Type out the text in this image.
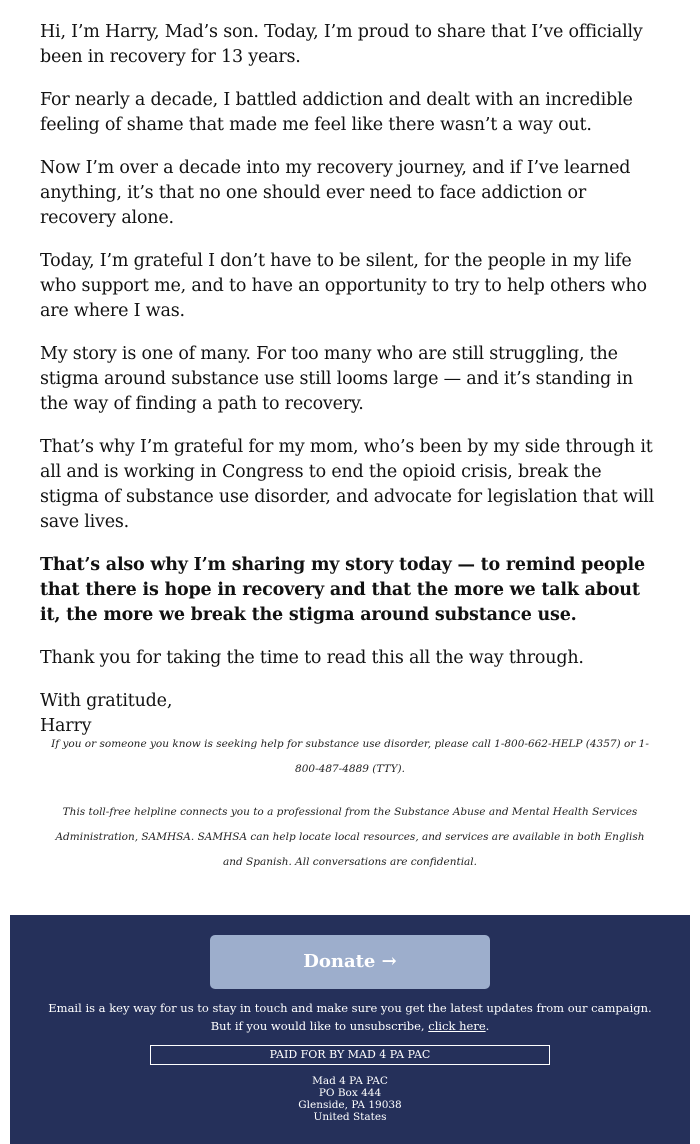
Hi, I’m Harry, Mad’s son. Today, I’m proud to share that I’ve officially been in recovery for 13 years.

For nearly a decade, I battled addiction and dealt with an incredible feeling of shame that made me feel like there wasn’t a way out.

Now I’m over a decade into my recovery journey, and if I’ve learned anything, it’s that no one should ever need to face addiction or recovery alone.

Today, I’m grateful I don’t have to be silent, for the people in my life who support me, and to have an opportunity to try to help others who are where I was.

My story is one of many. For too many who are still struggling, the stigma around substance use still looms large — and it’s standing in the way of finding a path to recovery.

That’s why I’m grateful for my mom, who’s been by my side through it all and is working in Congress to end the opioid crisis, break the stigma of substance use disorder, and advocate for legislation that will save lives.

That’s also why I’m sharing my story today — to remind people that there is hope in recovery and that the more we talk about it, the more we break the stigma around substance use.

Thank you for taking the time to read this all the way through.

With gratitude,
Harry

If you or someone you know is seeking help for substance use disorder, please call 1-800-662-HELP (4357) or 1-800-487-4889 (TTY).

This toll-free helpline connects you to a professional from the Substance Abuse and Mental Health Services Administration, SAMHSA. SAMHSA can help locate local resources, and services are available in both English and Spanish. All conversations are confidential.

Donate →

Email is a key way for us to stay in touch and make sure you get the latest updates from our campaign. But if you would like to unsubscribe, click here.

PAID FOR BY MAD 4 PA PAC
Mad 4 PA PAC
PO Box 444
Glenside, PA 19038
United States
